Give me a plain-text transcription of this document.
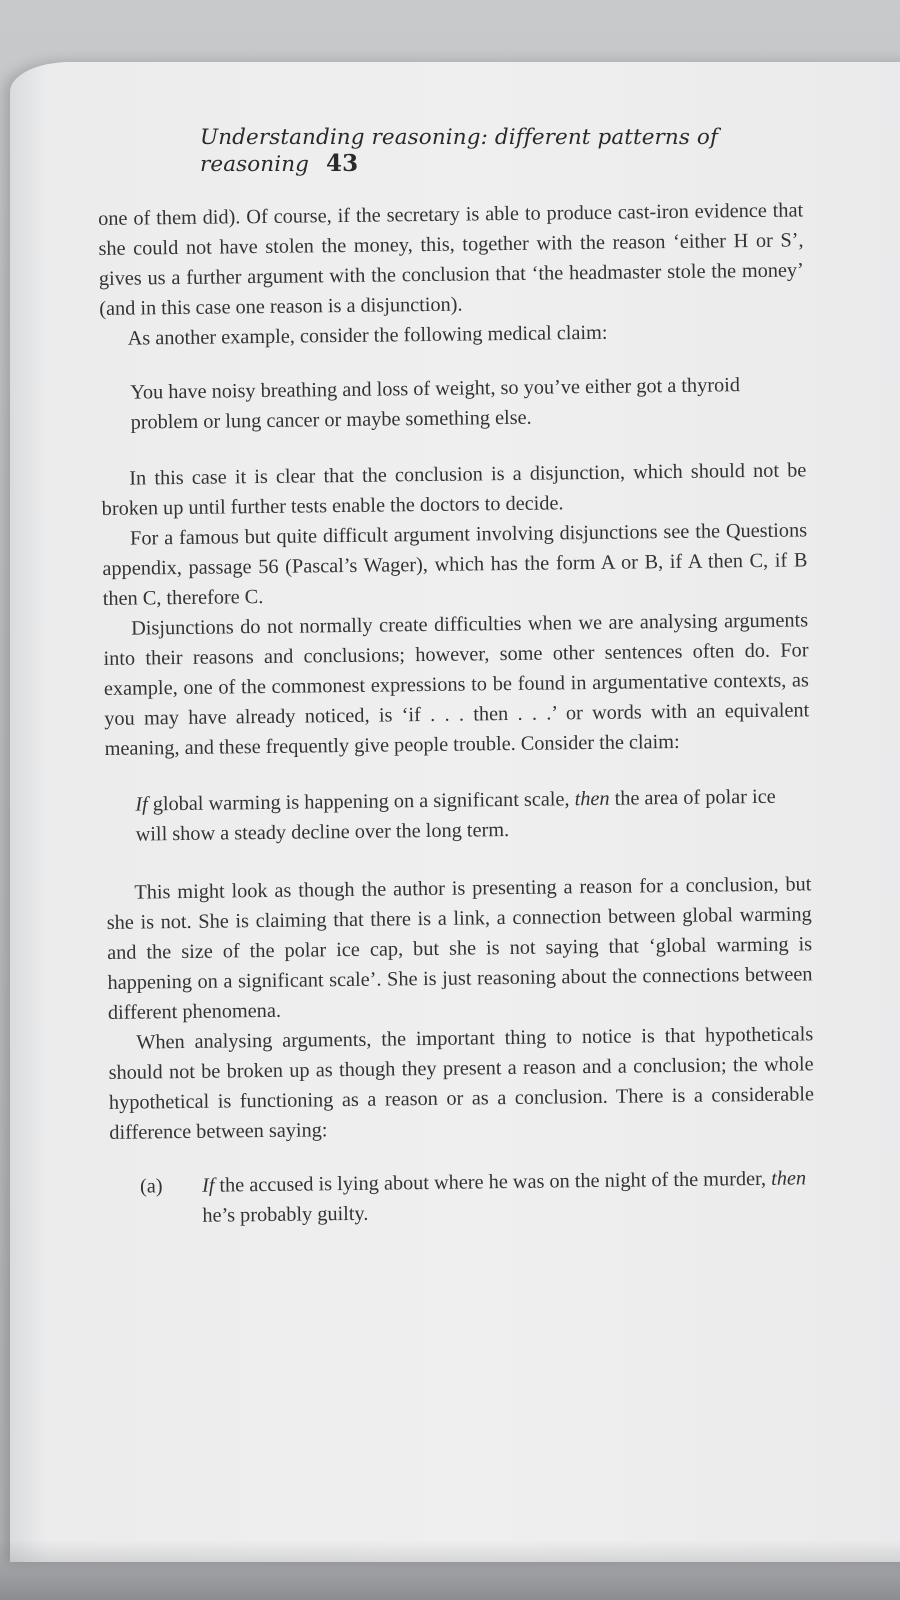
Understanding reasoning: different patterns of reasoning 43

one of them did). Of course, if the secretary is able to produce cast-iron evidence that she could not have stolen the money, this, together with the reason ‘either H or S’, gives us a further argument with the conclusion that ‘the headmaster stole the money’ (and in this case one reason is a disjunction).

As another example, consider the following medical claim:

You have noisy breathing and loss of weight, so you’ve either got a thyroid problem or lung cancer or maybe something else.

In this case it is clear that the conclusion is a disjunction, which should not be broken up until further tests enable the doctors to decide.

For a famous but quite difficult argument involving disjunctions see the Questions appendix, passage 56 (Pascal’s Wager), which has the form A or B, if A then C, if B then C, therefore C.

Disjunctions do not normally create difficulties when we are analysing arguments into their reasons and conclusions; however, some other sentences often do. For example, one of the commonest expressions to be found in argumentative contexts, as you may have already noticed, is ‘if . . . then . . .’ or words with an equivalent meaning, and these frequently give people trouble. Consider the claim:

If global warming is happening on a significant scale, then the area of polar ice will show a steady decline over the long term.

This might look as though the author is presenting a reason for a conclusion, but she is not. She is claiming that there is a link, a connection between global warming and the size of the polar ice cap, but she is not saying that ‘global warming is happening on a significant scale’. She is just reasoning about the connections between different phenomena.

When analysing arguments, the important thing to notice is that hypotheticals should not be broken up as though they present a reason and a conclusion; the whole hypothetical is functioning as a reason or as a conclusion. There is a considerable difference between saying:

(a)	If the accused is lying about where he was on the night of the murder, then he’s probably guilty.
